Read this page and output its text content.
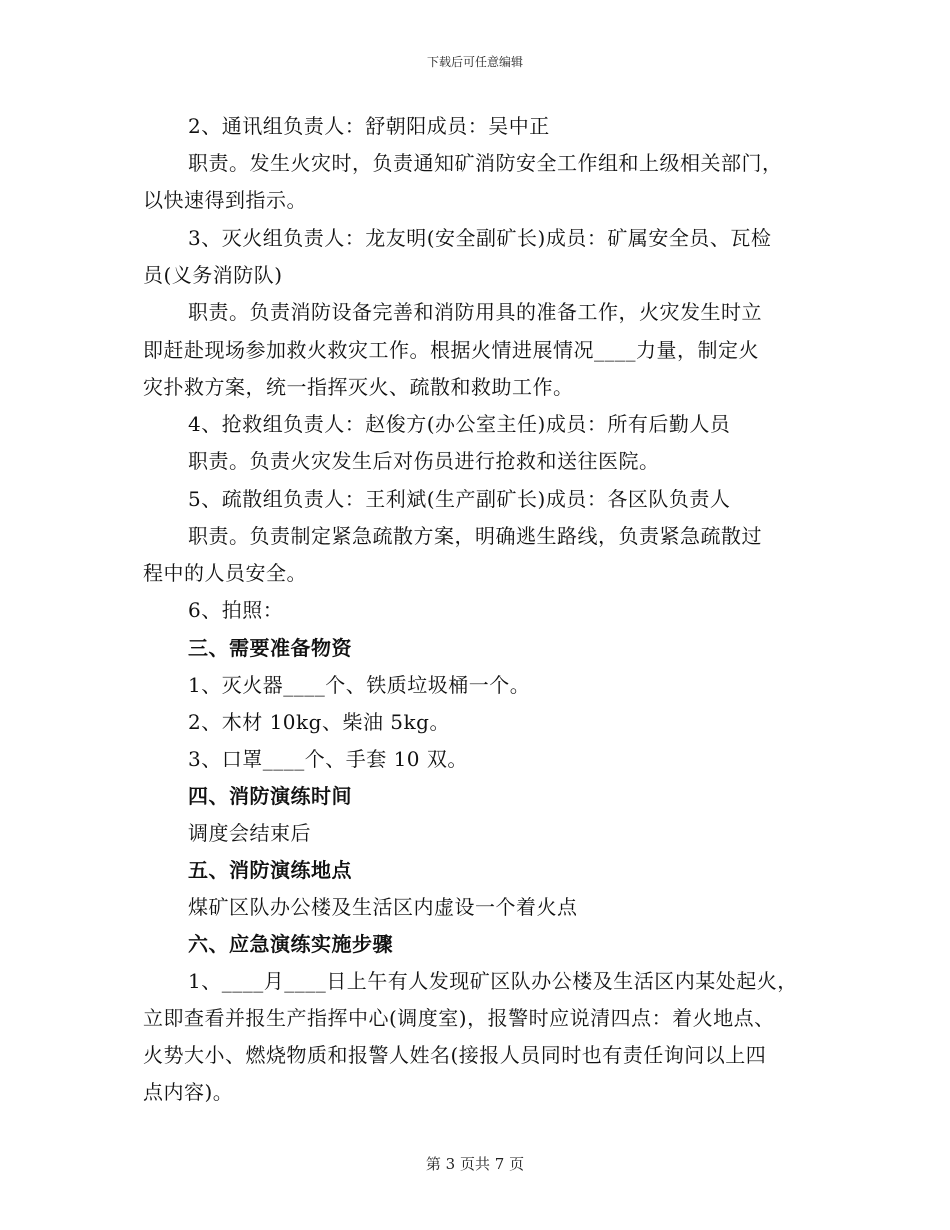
下载后可任意编辑
2、通讯组负责人：舒朝阳成员：吴中正
职责。发生火灾时，负责通知矿消防安全工作组和上级相关部门，
以快速得到指示。
3、灭火组负责人：龙友明(安全副矿长)成员：矿属安全员、瓦检
员(义务消防队)
职责。负责消防设备完善和消防用具的准备工作，火灾发生时立
即赶赴现场参加救火救灾工作。根据火情进展情况____力量，制定火
灾扑救方案，统一指挥灭火、疏散和救助工作。
4、抢救组负责人：赵俊方(办公室主任)成员：所有后勤人员
职责。负责火灾发生后对伤员进行抢救和送往医院。
5、疏散组负责人：王利斌(生产副矿长)成员：各区队负责人
职责。负责制定紧急疏散方案，明确逃生路线，负责紧急疏散过
程中的人员安全。
6、拍照：
三、需要准备物资
1、灭火器____个、铁质垃圾桶一个。
2、木材 10kg、柴油 5kg。
3、口罩____个、手套 10 双。
四、消防演练时间
调度会结束后
五、消防演练地点
煤矿区队办公楼及生活区内虚设一个着火点
六、应急演练实施步骤
1、____月____日上午有人发现矿区队办公楼及生活区内某处起火，
立即查看并报生产指挥中心(调度室)，报警时应说清四点：着火地点、
火势大小、燃烧物质和报警人姓名(接报人员同时也有责任询问以上四
点内容)。
第 3 页共 7 页
